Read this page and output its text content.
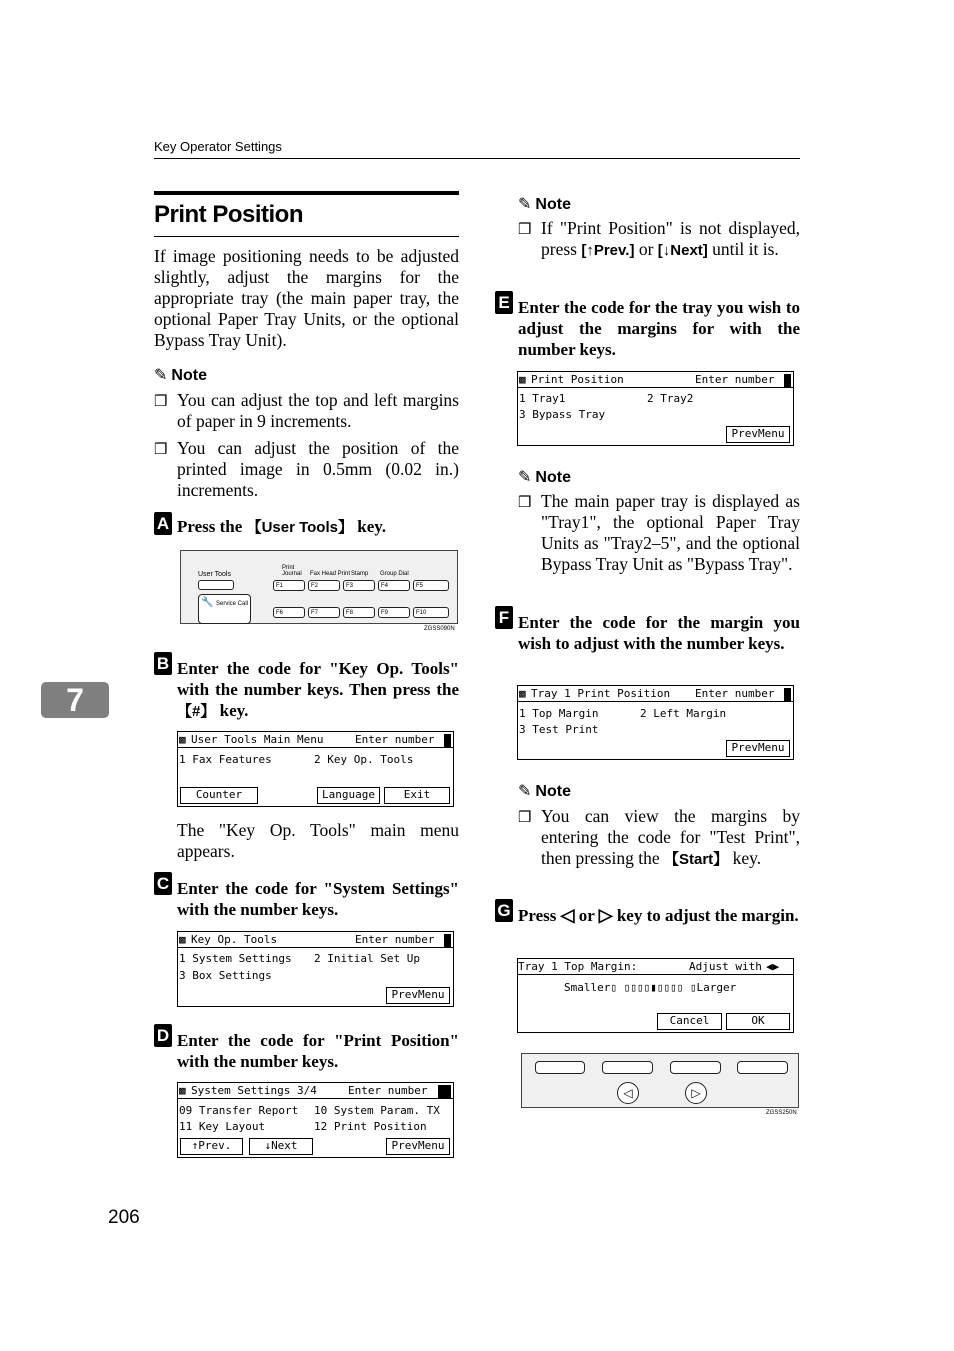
Key Operator Settings
7
206
Print Position
If image positioning needs to be adjusted slightly, adjust the margins for the appropriate tray (the main paper tray, the optional Paper Tray Units, or the optional Bypass Tray Unit).
✎ Note
❒ You can adjust the top and left margins of paper in 9 increments.
❒ You can adjust the position of the printed image in 0.5mm (0.02 in.) increments.
A Press the 【User Tools】 key.
User Tools
🔧 Service Call
Print Journal	Fax Head Print Stamp Group Dial
F1	F2	F3	F4	F5
F6	F7	F8	F9	F10
ZGSS090N
B Enter the code for "Key Op. Tools" with the number keys. Then press the 【#】 key.
▩ User Tools Main Menu	Enter number
1 Fax Features	2 Key Op. Tools
Counter	Language	Exit
The "Key Op. Tools" main menu appears.
C Enter the code for "System Settings" with the number keys.
▩ Key Op. Tools	Enter number
1 System Settings 2 Initial Set Up
3 Box Settings
PrevMenu
D Enter the code for "Print Position" with the number keys.
▩ System Settings 3/4	Enter number
09 Transfer Report 10 System Param. TX
11 Key Layout	12 Print Position
↑Prev.	↓Next	PrevMenu
✎ Note
❒ If "Print Position" is not displayed, press [↑Prev.] or [↓Next] until it is.
E Enter the code for the tray you wish to adjust the margins for with the number keys.
▩ Print Position	Enter number
1 Tray1	2 Tray2
3 Bypass Tray
PrevMenu
✎ Note
❒ The main paper tray is displayed as "Tray1", the optional Paper Tray Units as "Tray2–5", and the optional Bypass Tray Unit as "Bypass Tray".
F Enter the code for the margin you wish to adjust with the number keys.
▩ Tray 1 Print Position Enter number
1 Top Margin	2 Left Margin
3 Test Print
PrevMenu
✎ Note
❒ You can view the margins by entering the code for "Test Print", then pressing the 【Start】 key.
G Press ◁ or ▷ key to adjust the margin.
Tray 1 Top Margin:	Adjust with ◀▶
Smaller▯ ▯▯▯▯▮▯▯▯▯ ▯Larger
Cancel	OK
◁	▷
ZGSS250N
